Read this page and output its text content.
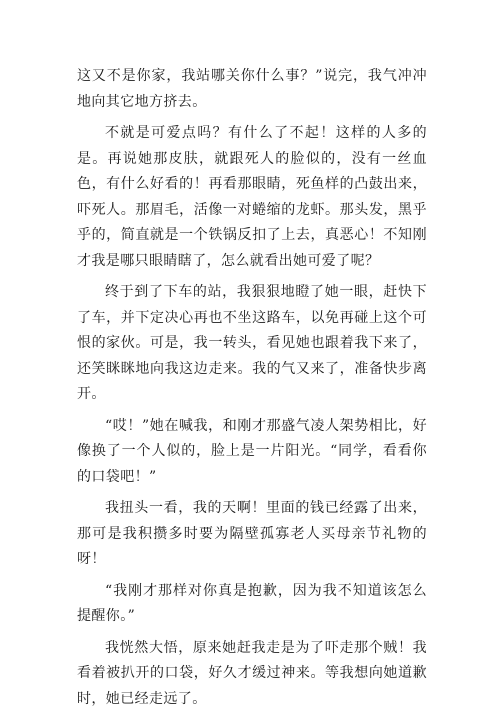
这又不是你家，我站哪关你什么事？”说完，我气冲冲地向其它地方挤去。

不就是可爱点吗？有什么了不起！这样的人多的是。再说她那皮肤，就跟死人的脸似的，没有一丝血色，有什么好看的！再看那眼睛，死鱼样的凸鼓出来，吓死人。那眉毛，活像一对蜷缩的龙虾。那头发，黑乎乎的，简直就是一个铁锅反扣了上去，真恶心！不知刚才我是哪只眼睛瞎了，怎么就看出她可爱了呢？

终于到了下车的站，我狠狠地瞪了她一眼，赶快下了车，并下定决心再也不坐这路车，以免再碰上这个可恨的家伙。可是，我一转头，看见她也跟着我下来了，还笑眯眯地向我这边走来。我的气又来了，准备快步离开。

“哎！”她在喊我，和刚才那盛气凌人架势相比，好像换了一个人似的，脸上是一片阳光。“同学，看看你的口袋吧！”

我扭头一看，我的天啊！里面的钱已经露了出来，那可是我积攒多时要为隔壁孤寡老人买母亲节礼物的呀！

“我刚才那样对你真是抱歉，因为我不知道该怎么提醒你。”

我恍然大悟，原来她赶我走是为了吓走那个贼！我看着被扒开的口袋，好久才缓过神来。等我想向她道歉时，她已经走远了。
